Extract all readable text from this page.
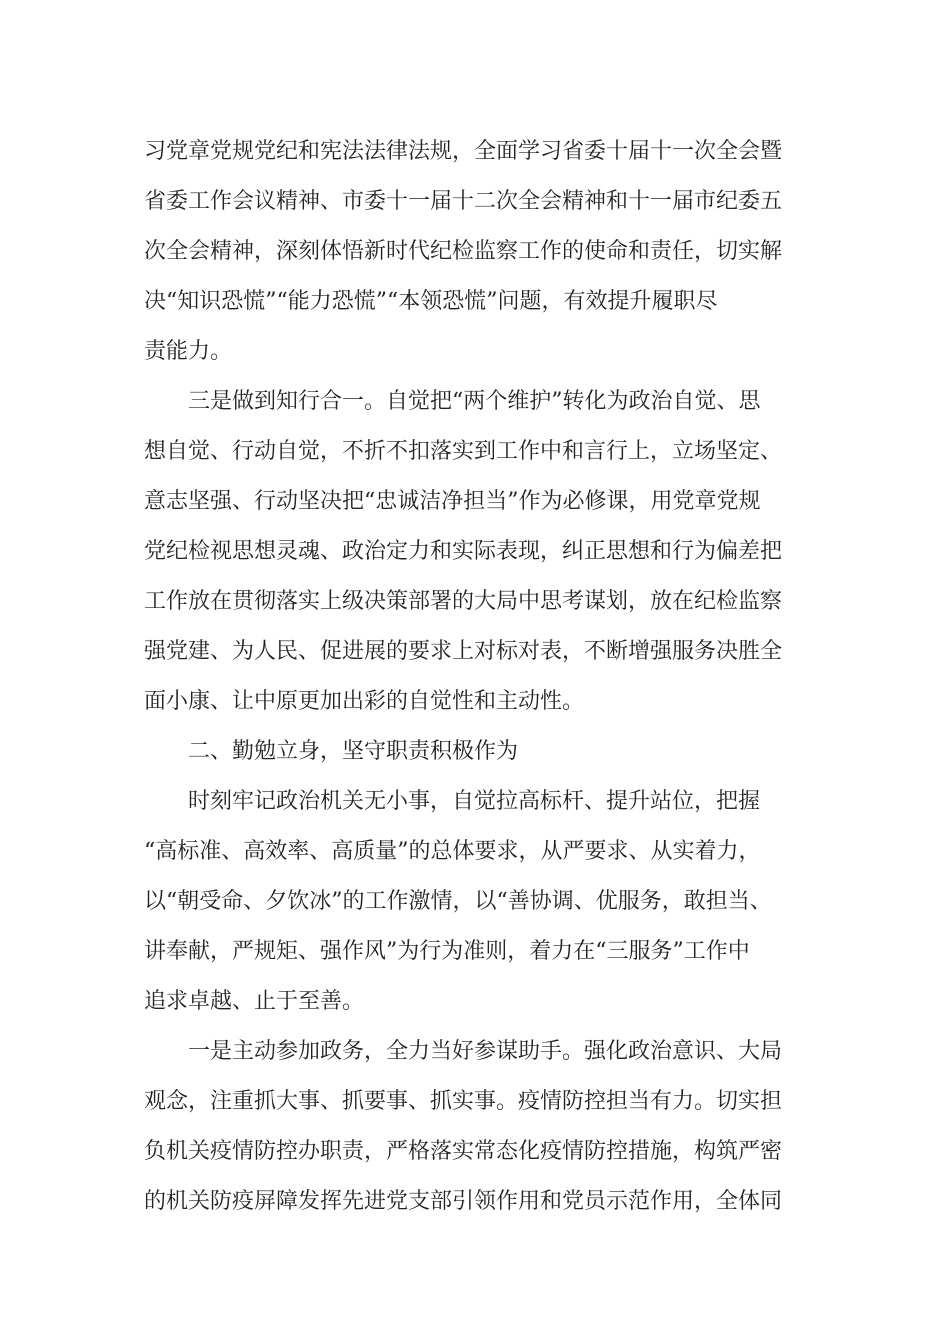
习党章党规党纪和宪法法律法规，全面学习省委十届十一次全会暨
省委工作会议精神、市委十一届十二次全会精神和十一届市纪委五
次全会精神，深刻体悟新时代纪检监察工作的使命和责任，切实解
决“知识恐慌”“能力恐慌”“本领恐慌”问题，有效提升履职尽
责能力。
三是做到知行合一。自觉把“两个维护”转化为政治自觉、思
想自觉、行动自觉，不折不扣落实到工作中和言行上，立场坚定、
意志坚强、行动坚决把“忠诚洁净担当”作为必修课，用党章党规
党纪检视思想灵魂、政治定力和实际表现，纠正思想和行为偏差把
工作放在贯彻落实上级决策部署的大局中思考谋划，放在纪检监察
强党建、为人民、促进展的要求上对标对表，不断增强服务决胜全
面小康、让中原更加出彩的自觉性和主动性。
二、勤勉立身，坚守职责积极作为
时刻牢记政治机关无小事，自觉拉高标杆、提升站位，把握
“高标准、高效率、高质量”的总体要求，从严要求、从实着力，
以“朝受命、夕饮冰”的工作激情，以“善协调、优服务，敢担当、
讲奉献，严规矩、强作风”为行为准则，着力在“三服务”工作中
追求卓越、止于至善。
一是主动参加政务，全力当好参谋助手。强化政治意识、大局
观念，注重抓大事、抓要事、抓实事。疫情防控担当有力。切实担
负机关疫情防控办职责，严格落实常态化疫情防控措施，构筑严密
的机关防疫屏障发挥先进党支部引领作用和党员示范作用，全体同
